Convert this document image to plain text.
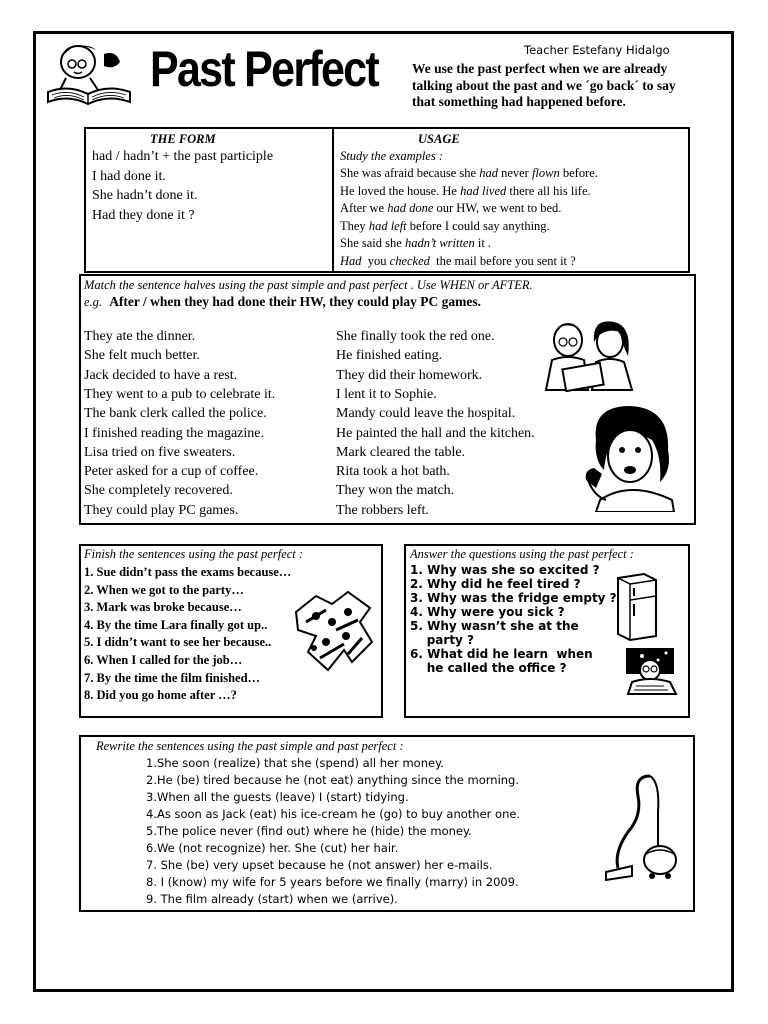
Past Perfect	Teacher Estefany Hidalgo
We use the past perfect when we are already talking about the past and we ´go back´ to say that something had happened before.
THE FORM	USAGE
had / hadn’t + the past participle
I had done it.
She hadn’t done it.
Had they done it ?
Study the examples :
She was afraid because she had never flown before.
He loved the house. He had lived there all his life.
After we had done our HW, we went to bed.
They had left before I could say anything.
She said she hadn’t written it .
Had  you checked  the mail before you sent it ?
Match the sentence halves using the past simple and past perfect . Use WHEN or AFTER.
e.g. After / when they had done their HW, they could play PC games.
They ate the dinner.
She felt much better.
Jack decided to have a rest.
They went to a pub to celebrate it.
The bank clerk called the police.
I finished reading the magazine.
Lisa tried on five sweaters.
Peter asked for a cup of coffee.
She completely recovered.
They could play PC games.
She finally took the red one.
He finished eating.
They did their homework.
I lent it to Sophie.
Mandy could leave the hospital.
He painted the hall and the kitchen.
Mark cleared the table.
Rita took a hot bath.
They won the match.
The robbers left.
Finish the sentences using the past perfect :
1. Sue didn’t pass the exams because…
2. When we got to the party…
3. Mark was broke because…
4. By the time Lara finally got up..
5. I didn’t want to see her because..
6. When I called for the job…
7. By the time the film finished…
8. Did you go home after …?
Answer the questions using the past perfect :
1. Why was she so excited ?
2. Why did he feel tired ?
3. Why was the fridge empty ?
4. Why were you sick ?
5. Why wasn’t she at the
party ?
6. What did he learn  when
he called the office ?
Rewrite the sentences using the past simple and past perfect :
1.She soon (realize) that she (spend) all her money.
2.He (be) tired because he (not eat) anything since the morning.
3.When all the guests (leave) I (start) tidying.
4.As soon as Jack (eat) his ice-cream he (go) to buy another one.
5.The police never (find out) where he (hide) the money.
6.We (not recognize) her. She (cut) her hair.
7. She (be) very upset because he (not answer) her e-mails.
8. I (know) my wife for 5 years before we finally (marry) in 2009.
9. The film already (start) when we (arrive).
